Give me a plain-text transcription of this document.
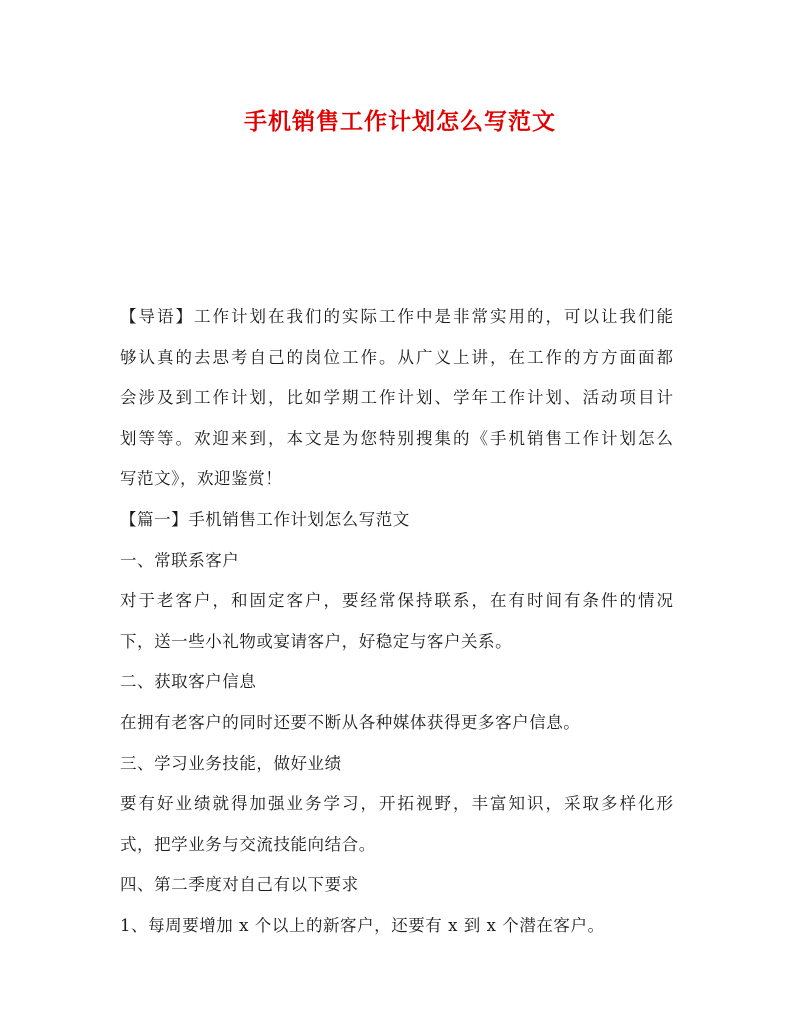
手机销售工作计划怎么写范文
【导语】工作计划在我们的实际工作中是非常实用的，可以让我们能
够认真的去思考自己的岗位工作。从广义上讲，在工作的方方面面都
会涉及到工作计划，比如学期工作计划、学年工作计划、活动项目计
划等等。欢迎来到，本文是为您特别搜集的《手机销售工作计划怎么
写范文》，欢迎鉴赏！
【篇一】手机销售工作计划怎么写范文
一、常联系客户
对于老客户，和固定客户，要经常保持联系，在有时间有条件的情况
下，送一些小礼物或宴请客户，好稳定与客户关系。
二、获取客户信息
在拥有老客户的同时还要不断从各种媒体获得更多客户信息。
三、学习业务技能，做好业绩
要有好业绩就得加强业务学习，开拓视野，丰富知识，采取多样化形
式，把学业务与交流技能向结合。
四、第二季度对自己有以下要求
1、每周要增加 x 个以上的新客户，还要有 x 到 x 个潜在客户。
